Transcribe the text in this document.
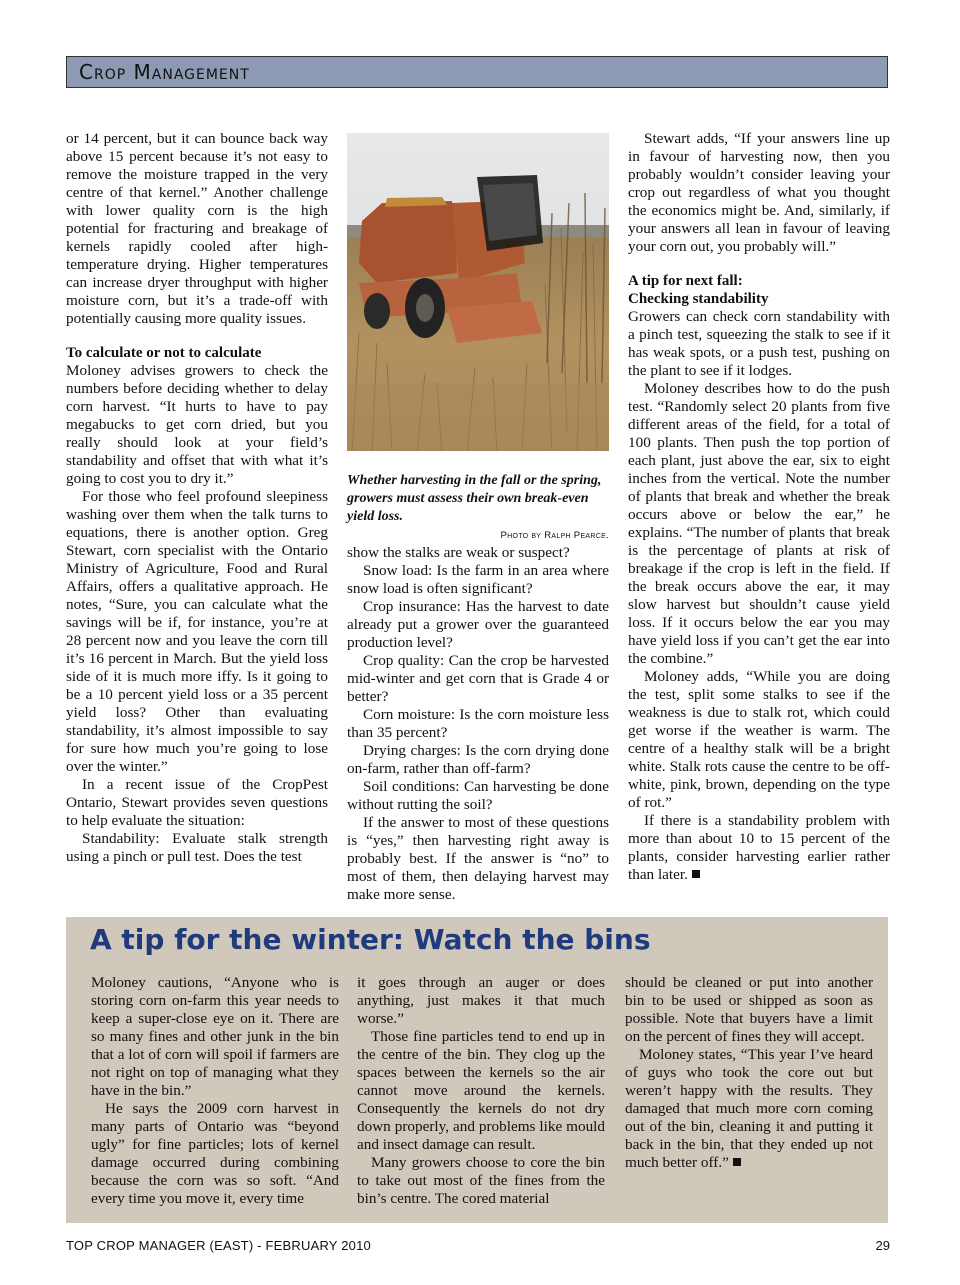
Crop Management

or 14 percent, but it can bounce back way above 15 percent because it’s not easy to remove the moisture trapped in the very centre of that kernel.” Another challenge with lower quality corn is the high potential for fracturing and breakage of kernels rapidly cooled after high-temperature drying. Higher temperatures can increase dryer throughput with higher moisture corn, but it’s a trade-off with potentially causing more quality issues.

To calculate or not to calculate

Moloney advises growers to check the numbers before deciding whether to delay corn harvest. “It hurts to have to pay megabucks to get corn dried, but you really should look at your field’s standability and offset that with what it’s going to cost you to dry it.”

For those who feel profound sleepiness washing over them when the talk turns to equations, there is another option. Greg Stewart, corn specialist with the Ontario Ministry of Agriculture, Food and Rural Affairs, offers a qualitative approach. He notes, “Sure, you can calculate what the savings will be if, for instance, you’re at 28 percent now and you leave the corn till it’s 16 percent in March. But the yield loss side of it is much more iffy. Is it going to be a 10 percent yield loss or a 35 percent yield loss? Other than evaluating standability, it’s almost impossible to say for sure how much you’re going to lose over the winter.”

In a recent issue of the CropPest Ontario, Stewart provides seven questions to help evaluate the situation:

Standability: Evaluate stalk strength using a pinch or pull test. Does the test

Whether harvesting in the fall or the spring, growers must assess their own break-even yield loss.
Photo by Ralph Pearce.

show the stalks are weak or suspect?

Snow load: Is the farm in an area where snow load is often significant?

Crop insurance: Has the harvest to date already put a grower over the guaranteed production level?

Crop quality: Can the crop be harvested mid-winter and get corn that is Grade 4 or better?

Corn moisture: Is the corn moisture less than 35 percent?

Drying charges: Is the corn drying done on-farm, rather than off-farm?

Soil conditions: Can harvesting be done without rutting the soil?

If the answer to most of these questions is “yes,” then harvesting right away is probably best. If the answer is “no” to most of them, then delaying harvest may make more sense.

Stewart adds, “If your answers line up in favour of harvesting now, then you probably wouldn’t consider leaving your crop out regardless of what you thought the economics might be. And, similarly, if your answers all lean in favour of leaving your corn out, you probably will.”

A tip for next fall:
Checking standability

Growers can check corn standability with a pinch test, squeezing the stalk to see if it has weak spots, or a push test, pushing on the plant to see if it lodges.

Moloney describes how to do the push test. “Randomly select 20 plants from five different areas of the field, for a total of 100 plants. Then push the top portion of each plant, just above the ear, six to eight inches from the vertical. Note the number of plants that break and whether the break occurs above or below the ear,” he explains. “The number of plants that break is the percentage of plants at risk of breakage if the crop is left in the field. If the break occurs above the ear, it may slow harvest but shouldn’t cause yield loss. If it occurs below the ear you may have yield loss if you can’t get the ear into the combine.”

Moloney adds, “While you are doing the test, split some stalks to see if the weakness is due to stalk rot, which could get worse if the weather is warm. The centre of a healthy stalk will be a bright white. Stalk rots cause the centre to be off-white, pink, brown, depending on the type of rot.”

If there is a standability problem with more than about 10 to 15 percent of the plants, consider harvesting earlier rather than later.

A tip for the winter: Watch the bins

Moloney cautions, “Anyone who is storing corn on-farm this year needs to keep a super-close eye on it. There are so many fines and other junk in the bin that a lot of corn will spoil if farmers are not right on top of managing what they have in the bin.”

He says the 2009 corn harvest in many parts of Ontario was “beyond ugly” for fine particles; lots of kernel damage occurred during combining because the corn was so soft. “And every time you move it, every time

it goes through an auger or does anything, just makes it that much worse.”

Those fine particles tend to end up in the centre of the bin. They clog up the spaces between the kernels so the air cannot move around the kernels. Consequently the kernels do not dry down properly, and problems like mould and insect damage can result.

Many growers choose to core the bin to take out most of the fines from the bin’s centre. The cored material

should be cleaned or put into another bin to be used or shipped as soon as possible. Note that buyers have a limit on the percent of fines they will accept.

Moloney states, “This year I’ve heard of guys who took the core out but weren’t happy with the results. They damaged that much more corn coming out of the bin, cleaning it and putting it back in the bin, that they ended up not much better off.”

TOP CROP MANAGER (EAST) - FEBRUARY 2010	29
